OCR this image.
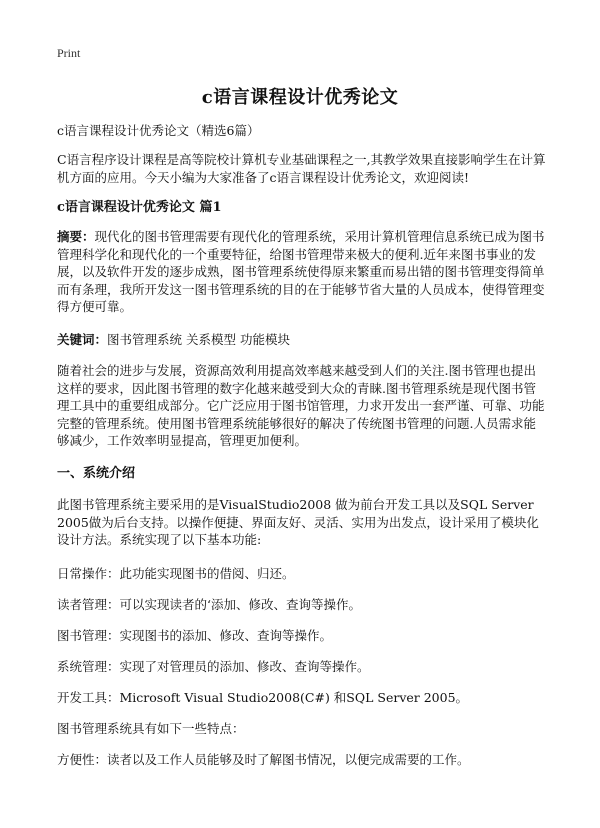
Print
c语言课程设计优秀论文
c语言课程设计优秀论文（精选6篇）
C语言程序设计课程是高等院校计算机专业基础课程之一,其教学效果直接影响学生在计算机方面的应用。今天小编为大家准备了c语言课程设计优秀论文，欢迎阅读!
c语言课程设计优秀论文 篇1
摘要：现代化的图书管理需要有现代化的管理系统，采用计算机管理信息系统已成为图书管理科学化和现代化的一个重要特征，给图书管理带来极大的便利.近年来图书事业的发展，以及软件开发的逐步成熟，图书管理系统使得原来繁重而易出错的图书管理变得简单而有条理，我所开发这一图书管理系统的目的在于能够节省大量的人员成本，使得管理变得方便可靠。
关键词：图书管理系统 关系模型 功能模块
随着社会的进步与发展，资源高效利用提高效率越来越受到人们的关注.图书管理也提出这样的要求，因此图书管理的数字化越来越受到大众的青睐.图书管理系统是现代图书管理工具中的重要组成部分。它广泛应用于图书馆管理，力求开发出一套严谨、可靠、功能完整的管理系统。使用图书管理系统能够很好的解决了传统图书管理的问题.人员需求能够减少，工作效率明显提高，管理更加便利。
一、系统介绍
此图书管理系统主要采用的是VisualStudio2008 做为前台开发工具以及SQL Server 2005做为后台支持。以操作便捷、界面友好、灵活、实用为出发点，设计采用了模块化设计方法。系统实现了以下基本功能:
日常操作：此功能实现图书的借阅、归还。
读者管理：可以实现读者的‘添加、修改、查询等操作。
图书管理：实现图书的添加、修改、查询等操作。
系统管理：实现了对管理员的添加、修改、查询等操作。
开发工具：Microsoft Visual Studio2008(C#) 和SQL Server 2005。
图书管理系统具有如下一些特点：
方便性：读者以及工作人员能够及时了解图书情况，以便完成需要的工作。
